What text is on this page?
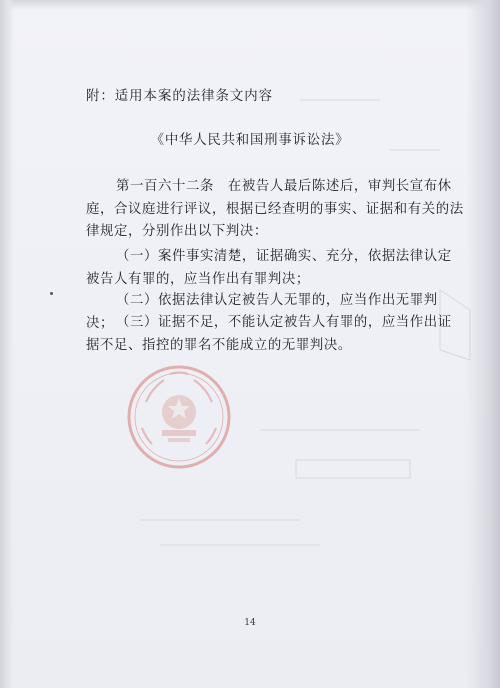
附：适用本案的法律条文内容
《中华人民共和国刑事诉讼法》
第一百六十二条　在被告人最后陈述后，审判长宣布休庭，合议庭进行评议，根据已经查明的事实、证据和有关的法律规定，分别作出以下判决：
（一）案件事实清楚，证据确实、充分，依据法律认定被告人有罪的，应当作出有罪判决；
（二）依据法律认定被告人无罪的，应当作出无罪判决； （三）证据不足，不能认定被告人有罪的，应当作出证据不足、指控的罪名不能成立的无罪判决。
14
